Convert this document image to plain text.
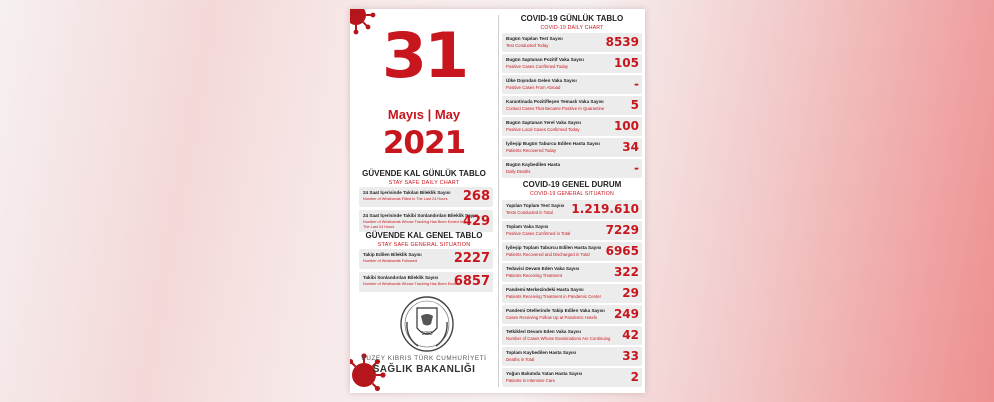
31
Mayıs | May
2021
GÜVENDE KAL GÜNLÜK TABLO
STAY SAFE DAILY CHART
24 Saat İçerisinde Takılan Bileklik Sayısı
Number of Wristbands Fitted in The Last 24 Hours	268
24 Saat İçerisinde Takibi Sonlandırılan Bileklik Sayısı
Number of Wristbands Whose Tracking Has Been Ended In The Last 24 Hours	429
GÜVENDE KAL GENEL TABLO
STAY SAFE GENERAL SITUATION
Takip Edilen Bileklik Sayısı
Number of Wristbands Followed	2227
Takibi Sonlandırılan Bileklik Sayısı
Number of Wristbands Whose Tracking Has Been Ended
6857
1983
KUZEY KIBRIS TÜRK CUMHURİYETİ
SAĞLIK BAKANLIĞI
COVID-19 GÜNLÜK TABLO
COVID-19 DAILY CHART
Bugün Yapılan Test Sayısı
Test Conducted Today	8539
Bugün Saptanan Pozitif Vaka Sayısı
Positive Cases Confirmed Today	105
Ülke Dışından Gelen Vaka Sayısı
Positive Cases From Abroad	-
Karantinada Pozitifleşen Temaslı Vaka Sayısı
Contact Cases That Became Positive In Quarantine 5
Bugün Saptanan Yerel Vaka Sayısı
Positive Local Cases Confirmed Today	100
İyileşip Bugün Taburcu Edilen Hasta Sayısı
Patients Recovered Today	34
Bugün Kaybedilen Hasta
Daily Deaths	-
COVID-19 GENEL DURUM
COVID-19 GENERAL SITUATION
Yapılan Toplam Test Sayısı
Tests Conducted in Total 1.219.610
Toplam Vaka Sayısı
Positive Cases Confirmed in Total	7229
İyileşip Toplam Taburcu Edilen Hasta Sayısı
Patients Recovered and Discharged in Total 6965
Tedavisi Devam Eden Vaka Sayısı
Patients Receiving Treatment	322
Pandemi Merkezindeki Hasta Sayısı
Patients Receiving Treatment in Pandemic Center 29
Pandemi Otellerinde Takip Edilen Vaka Sayısı
Cases Receiving Follow Up at Pandemic Hotels 249
Tetkikleri Devam Eden Vaka Sayısı
Number of Cases Whose Examinations Are Continuing 42
Toplam Kaybedilen Hasta Sayısı
Deaths in Total	33
Yoğun Bakımda Yatan Hasta Sayısı
Patients in Intensive Care	2
